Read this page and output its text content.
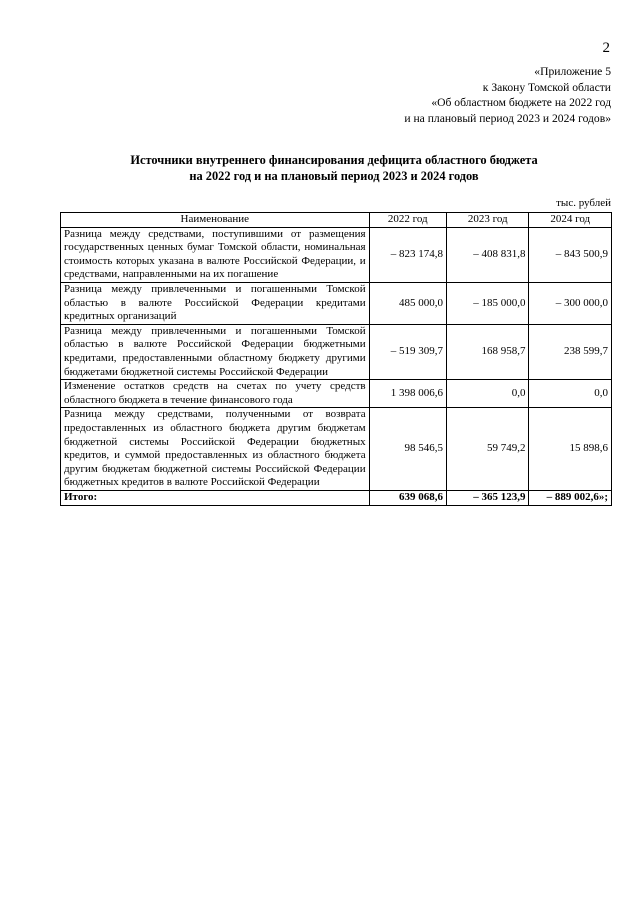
2
«Приложение 5
к Закону Томской области
«Об областном бюджете на 2022 год
и на плановый период 2023 и 2024 годов»
Источники внутреннего финансирования дефицита областного бюджета
на 2022 год и на плановый период 2023 и 2024 годов
тыс. рублей
Наименование	2022 год	2023 год	2024 год
Разница между средствами, поступившими от размещения государственных ценных бумаг Томской области, номинальная стоимость которых указана в валюте Российской Федерации, и средствами, направленными на их погашение	– 823 174,8	– 408 831,8	– 843 500,9
Разница между привлеченными и погашенными Томской областью в валюте Российской Федерации кредитами кредитных организаций	485 000,0	– 185 000,0	– 300 000,0
Разница между привлеченными и погашенными Томской областью в валюте Российской Федерации бюджетными кредитами, предоставленными областному бюджету другими бюджетами бюджетной системы Российской Федерации	– 519 309,7	168 958,7	238 599,7
Изменение остатков средств на счетах по учету средств областного бюджета в течение финансового года	1 398 006,6	0,0	0,0
Разница между средствами, полученными от возврата предоставленных из областного бюджета другим бюджетам бюджетной системы Российской Федерации бюджетных кредитов, и суммой предоставленных из областного бюджета другим бюджетам бюджетной системы Российской Федерации бюджетных кредитов в валюте Российской Федерации	98 546,5	59 749,2	15 898,6
Итого:	639 068,6	– 365 123,9	– 889 002,6»;
